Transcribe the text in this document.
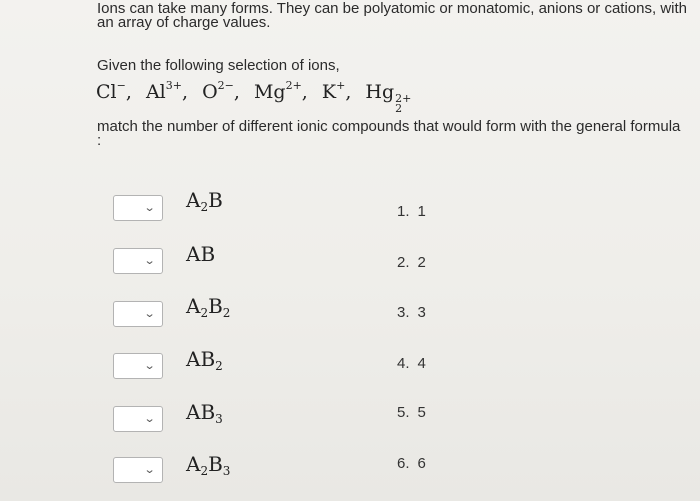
Ions can take many forms. They can be polyatomic or monatomic, anions or cations, with an array of charge values.

Given the following selection of ions,

Cl−, $Al^{3+}$, $O^{2-}$, $Mg^{2+}$, K+, Hg 2+
2

match the number of different ionic compounds that would form with the general formula :

⌄ $A_2B$	1. 1
⌄ AB	2. 2
⌄ $A_2B_2$	3. 3
⌄ $AB_2$	4. 4
⌄ $AB_3$	5. 5
⌄ $A_2B_3$	6. 6
